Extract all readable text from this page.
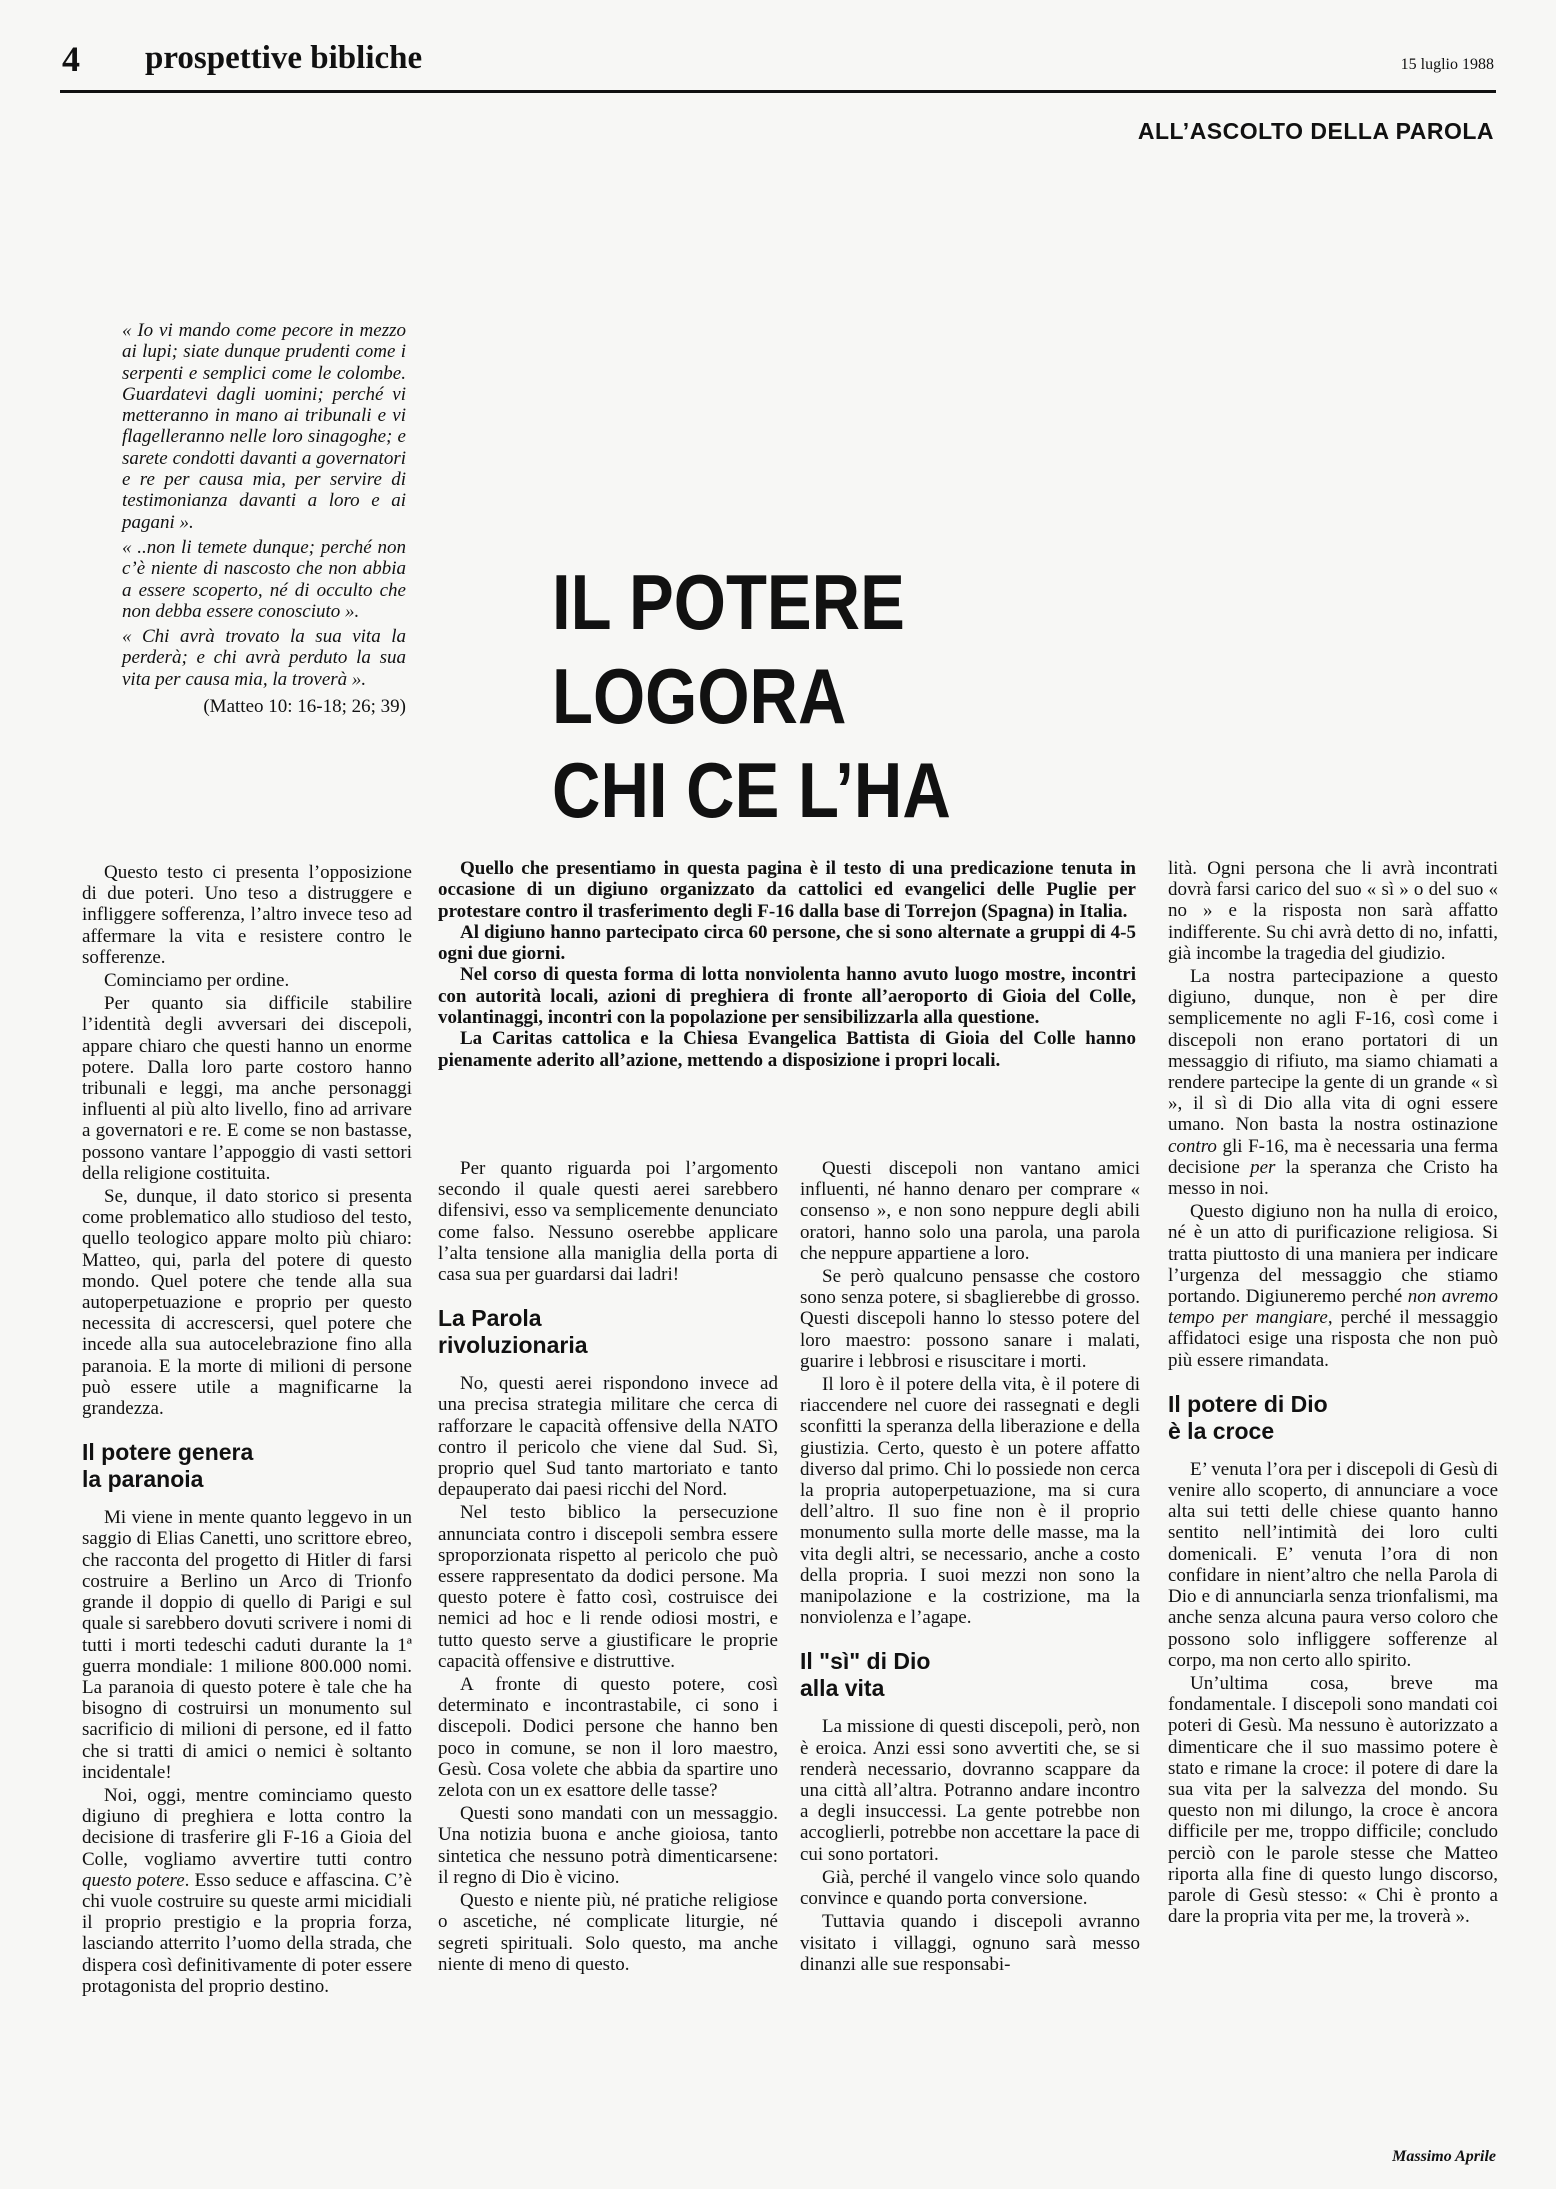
4 prospettive bibliche	15 luglio 1988
ALL’ASCOLTO DELLA PAROLA

« Io vi mando come pecore in mezzo ai lupi; siate dunque prudenti come i serpenti e semplici come le colombe. Guardatevi dagli uomini; perché vi metteranno in mano ai tribunali e vi flagelleranno nelle loro sinagoghe; e sarete condotti davanti a governatori e re per causa mia, per servire di testimonianza davanti a loro e ai pagani ».

« ..non li temete dunque; perché non c’è niente di nascosto che non abbia a essere scoperto, né di occulto che non debba essere conosciuto ».

« Chi avrà trovato la sua vita la perderà; e chi avrà perduto la sua vita per causa mia, la troverà ».

(Matteo 10: 16-18; 26; 39)
IL POTERE
LOGORA
CHI CE L’HA

Questo testo ci presenta l’opposizione di due poteri. Uno teso a distruggere e infliggere sofferenza, l’altro invece teso ad affermare la vita e resistere contro le sofferenze.

Cominciamo per ordine.

Per quanto sia difficile stabilire l’identità degli avversari dei discepoli, appare chiaro che questi hanno un enorme potere. Dalla loro parte costoro hanno tribunali e leggi, ma anche personaggi influenti al più alto livello, fino ad arrivare a governatori e re. E come se non bastasse, possono vantare l’appoggio di vasti settori della religione costituita.

Se, dunque, il dato storico si presenta come problematico allo studioso del testo, quello teologico appare molto più chiaro: Matteo, qui, parla del potere di questo mondo. Quel potere che tende alla sua autoperpetuazione e proprio per questo necessita di accrescersi, quel potere che incede alla sua autocelebrazione fino alla paranoia. E la morte di milioni di persone può essere utile a magnificarne la grandezza.

Il potere genera
la paranoia

Mi viene in mente quanto leggevo in un saggio di Elias Canetti, uno scrittore ebreo, che racconta del progetto di Hitler di farsi costruire a Berlino un Arco di Trionfo grande il doppio di quello di Parigi e sul quale si sarebbero dovuti scrivere i nomi di tutti i morti tedeschi caduti durante la 1ª guerra mondiale: 1 milione 800.000 nomi. La paranoia di questo potere è tale che ha bisogno di costruirsi un monumento sul sacrificio di milioni di persone, ed il fatto che si tratti di amici o nemici è soltanto incidentale!

Noi, oggi, mentre cominciamo questo digiuno di preghiera e lotta contro la decisione di trasferire gli F-16 a Gioia del Colle, vogliamo avvertire tutti contro questo potere. Esso seduce e affascina. C’è chi vuole costruire su queste armi micidiali il proprio prestigio e la propria forza, lasciando atterrito l’uomo della strada, che dispera così definitivamente di poter essere protagonista del proprio destino.

Quello che presentiamo in questa pagina è il testo di una predicazione tenuta in occasione di un digiuno organizzato da cattolici ed evangelici delle Puglie per protestare contro il trasferimento degli F-16 dalla base di Torrejon (Spagna) in Italia.

Al digiuno hanno partecipato circa 60 persone, che si sono alternate a gruppi di 4-5 ogni due giorni.

Nel corso di questa forma di lotta nonviolenta hanno avuto luogo mostre, incontri con autorità locali, azioni di preghiera di fronte all’aeroporto di Gioia del Colle, volantinaggi, incontri con la popolazione per sensibilizzarla alla questione.

La Caritas cattolica e la Chiesa Evangelica Battista di Gioia del Colle hanno pienamente aderito all’azione, mettendo a disposizione i propri locali.

Per quanto riguarda poi l’argomento secondo il quale questi aerei sarebbero difensivi, esso va semplicemente denunciato come falso. Nessuno oserebbe applicare l’alta tensione alla maniglia della porta di casa sua per guardarsi dai ladri!

La Parola
rivoluzionaria

No, questi aerei rispondono invece ad una precisa strategia militare che cerca di rafforzare le capacità offensive della NATO contro il pericolo che viene dal Sud. Sì, proprio quel Sud tanto martoriato e tanto depauperato dai paesi ricchi del Nord.

Nel testo biblico la persecuzione annunciata contro i discepoli sembra essere sproporzionata rispetto al pericolo che può essere rappresentato da dodici persone. Ma questo potere è fatto così, costruisce dei nemici ad hoc e li rende odiosi mostri, e tutto questo serve a giustificare le proprie capacità offensive e distruttive.

A fronte di questo potere, così determinato e incontrastabile, ci sono i discepoli. Dodici persone che hanno ben poco in comune, se non il loro maestro, Gesù. Cosa volete che abbia da spartire uno zelota con un ex esattore delle tasse?

Questi sono mandati con un messaggio. Una notizia buona e anche gioiosa, tanto sintetica che nessuno potrà dimenticarsene: il regno di Dio è vicino.

Questo e niente più, né pratiche religiose o ascetiche, né complicate liturgie, né segreti spirituali. Solo questo, ma anche niente di meno di questo.

Questi discepoli non vantano amici influenti, né hanno denaro per comprare « consenso », e non sono neppure degli abili oratori, hanno solo una parola, una parola che neppure appartiene a loro.

Se però qualcuno pensasse che costoro sono senza potere, si sbaglierebbe di grosso. Questi discepoli hanno lo stesso potere del loro maestro: possono sanare i malati, guarire i lebbrosi e risuscitare i morti.

Il loro è il potere della vita, è il potere di riaccendere nel cuore dei rassegnati e degli sconfitti la speranza della liberazione e della giustizia. Certo, questo è un potere affatto diverso dal primo. Chi lo possiede non cerca la propria autoperpetuazione, ma si cura dell’altro. Il suo fine non è il proprio monumento sulla morte delle masse, ma la vita degli altri, se necessario, anche a costo della propria. I suoi mezzi non sono la manipolazione e la costrizione, ma la nonviolenza e l’agape.

Il "sì" di Dio
alla vita

La missione di questi discepoli, però, non è eroica. Anzi essi sono avvertiti che, se si renderà necessario, dovranno scappare da una città all’altra. Potranno andare incontro a degli insuccessi. La gente potrebbe non accoglierli, potrebbe non accettare la pace di cui sono portatori.

Già, perché il vangelo vince solo quando convince e quando porta conversione.

Tuttavia quando i discepoli avranno visitato i villaggi, ognuno sarà messo dinanzi alle sue responsabi-

lità. Ogni persona che li avrà incontrati dovrà farsi carico del suo « sì » o del suo « no » e la risposta non sarà affatto indifferente. Su chi avrà detto di no, infatti, già incombe la tragedia del giudizio.

La nostra partecipazione a questo digiuno, dunque, non è per dire semplicemente no agli F-16, così come i discepoli non erano portatori di un messaggio di rifiuto, ma siamo chiamati a rendere partecipe la gente di un grande « sì », il sì di Dio alla vita di ogni essere umano. Non basta la nostra ostinazione contro gli F-16, ma è necessaria una ferma decisione per la speranza che Cristo ha messo in noi.

Questo digiuno non ha nulla di eroico, né è un atto di purificazione religiosa. Si tratta piuttosto di una maniera per indicare l’urgenza del messaggio che stiamo portando. Digiuneremo perché non avremo tempo per mangiare, perché il messaggio affidatoci esige una risposta che non può più essere rimandata.

Il potere di Dio
è la croce

E’ venuta l’ora per i discepoli di Gesù di venire allo scoperto, di annunciare a voce alta sui tetti delle chiese quanto hanno sentito nell’intimità dei loro culti domenicali. E’ venuta l’ora di non confidare in nient’altro che nella Parola di Dio e di annunciarla senza trionfalismi, ma anche senza alcuna paura verso coloro che possono solo infliggere sofferenze al corpo, ma non certo allo spirito.

Un’ultima cosa, breve ma fondamentale. I discepoli sono mandati coi poteri di Gesù. Ma nessuno è autorizzato a dimenticare che il suo massimo potere è stato e rimane la croce: il potere di dare la sua vita per la salvezza del mondo. Su questo non mi dilungo, la croce è ancora difficile per me, troppo difficile; concludo perciò con le parole stesse che Matteo riporta alla fine di questo lungo discorso, parole di Gesù stesso: « Chi è pronto a dare la propria vita per me, la troverà ».

Massimo Aprile
